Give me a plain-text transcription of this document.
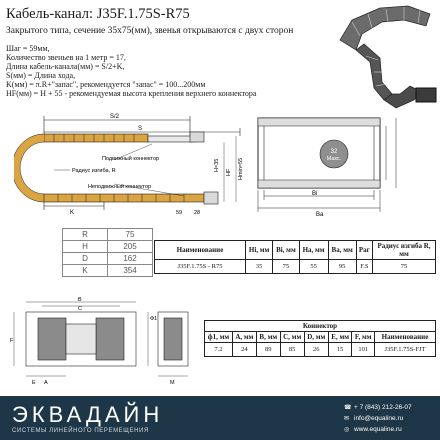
Кабель-канал: J35F.1.75S-R75
Закрытого типа, сечение 35х75(мм), звенья открываются с двух сторон
Шаг = 59мм,
Количество звеньев на 1 метр = 17,
Длина кабель-канала(мм) = S/2+K,
S(мм) = Длина хода,
K(мм) = π.R+"запас", рекомендуется "запас" = 100...200мм
HF(мм) = H + 55 - рекомендуемая высота крепления верхнего коннектора
S/2
S
K
Подвижный коннектор
Радиус изгиба, R
Неподвижный коннектор
H=35
HF Hmin=55
59 28
32
Макс.
Bi
Ba
R	75
H	205
D	162
K	354
Наименование	Hi, мм	Bi, мм	Ha, мм	Ba, мм	Рaг	Радиус изгиба R, мм
J35F.1.75S - R75	35	75	55	95	F.S	75
B
C
E A
F
Ф1
M
Коннектор							
ф1, мм	A, мм	B, мм	C, мм	D, мм	E, мм	F, мм	Наименование
7.2	24	89	85	26	15	101	J35F.1.75S-FJT
ЭКВАДАЙН
СИСТЕМЫ ЛИНЕЙНОГО ПЕРЕМЕЩЕНИЯ
☎ + 7 (843) 212-26-07
✉ info@equaline.ru
◎ www.equaline.ru
